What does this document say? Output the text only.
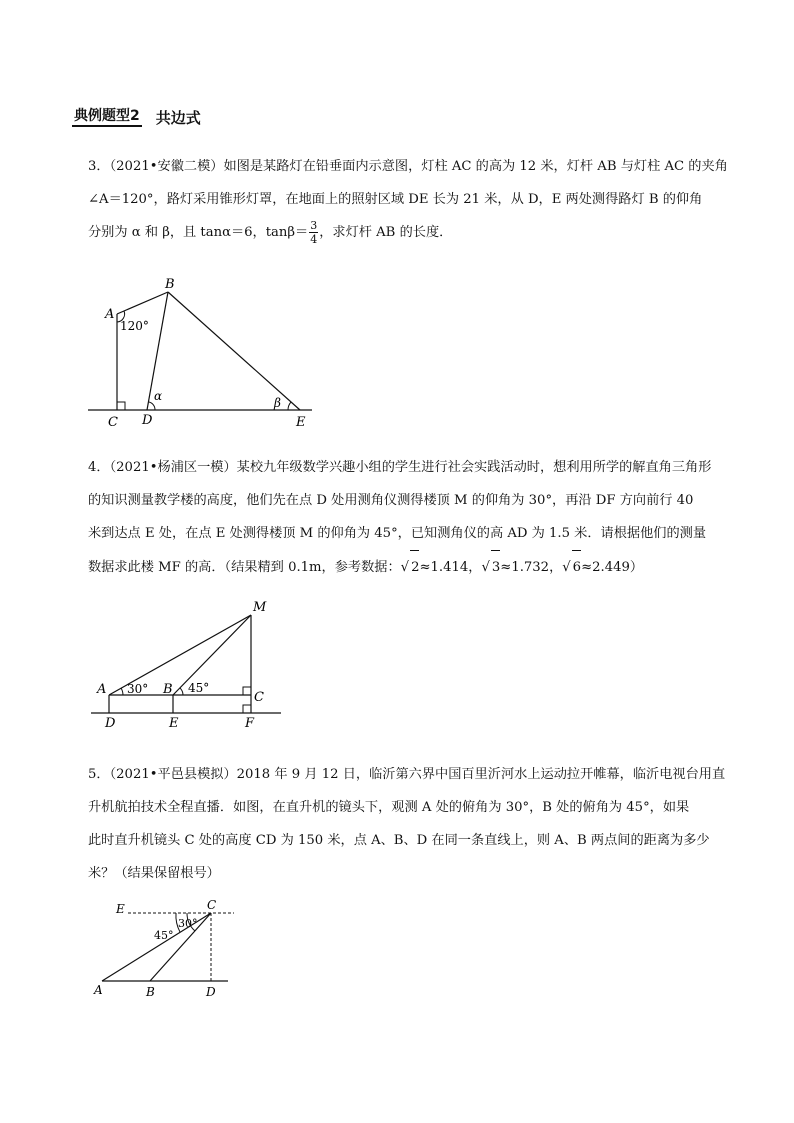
典例题型2 共边式
3．（2021•安徽二模）如图是某路灯在铅垂面内示意图，灯柱 AC 的高为 12 米，灯杆 AB 与灯柱 AC 的夹角
∠A＝120°，路灯采用锥形灯罩，在地面上的照射区域 DE 长为 21 米，从 D，E 两处测得路灯 B 的仰角
分别为 α 和 β，且 tanα＝6，$\tan\beta= \frac{3}{4}$ ，求灯杆 AB 的长度．
A
B
C D	E
120°
α	β
4．（2021•杨浦区一模）某校九年级数学兴趣小组的学生进行社会实践活动时，想利用所学的解直角三角形
的知识测量教学楼的高度，他们先在点 D 处用测角仪测得楼顶 M 的仰角为 30°，再沿 DF 方向前行 40
米到达点 E 处，在点 E 处测得楼顶 M 的仰角为 45°，已知测角仪的高 AD 为 1.5 米．请根据他们的测量
数据求此楼 MF 的高．（结果精到 0.1m，参考数据：√ 2≈1.414，√ 3≈1.732，√ 6≈2.449）
M
A	B
C
D	E	F
30°	45°
5．（2021•平邑县模拟）2018 年 9 月 12 日，临沂第六界中国百里沂河水上运动拉开帷幕，临沂电视台用直
升机航拍技术全程直播．如图，在直升机的镜头下，观测 A 处的俯角为 30°，B 处的俯角为 45°，如果
此时直升机镜头 C 处的高度 CD 为 150 米，点 A、B、D 在同一条直线上，则 A、B 两点间的距离为多少
米？（结果保留根号）
E	C
A	B	D
30°
45°
